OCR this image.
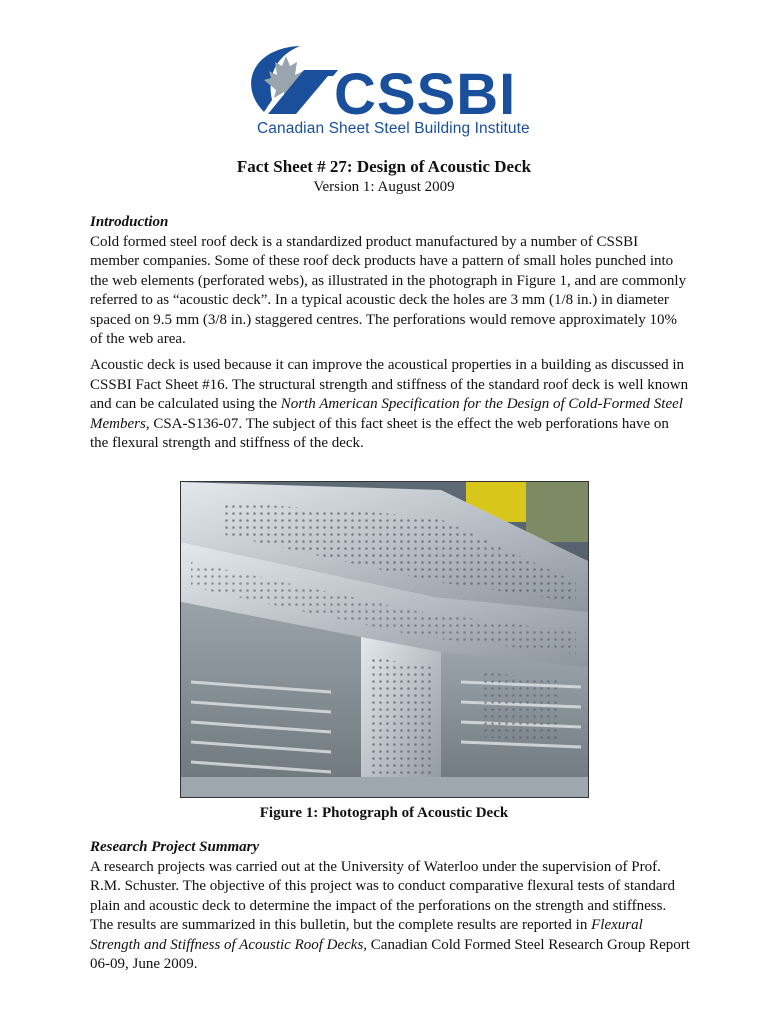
CSSBI
Canadian Sheet Steel Building Institute
Fact Sheet # 27: Design of Acoustic Deck
Version 1: August 2009

Introduction

Cold formed steel roof deck is a standardized product manufactured by a number of CSSBI member companies. Some of these roof deck products have a pattern of small holes punched into the web elements (perforated webs), as illustrated in the photograph in Figure 1, and are commonly referred to as “acoustic deck”. In a typical acoustic deck the holes are 3 mm (1/8 in.) in diameter spaced on 9.5 mm (3/8 in.) staggered centres. The perforations would remove approximately 10% of the web area.

Acoustic deck is used because it can improve the acoustical properties in a building as discussed in CSSBI Fact Sheet #16. The structural strength and stiffness of the standard roof deck is well known and can be calculated using the North American Specification for the Design of Cold-Formed Steel Members, CSA-S136-07. The subject of this fact sheet is the effect the web perforations have on the flexural strength and stiffness of the deck.

Figure 1: Photograph of Acoustic Deck

Research Project Summary

A research projects was carried out at the University of Waterloo under the supervision of Prof. R.M. Schuster. The objective of this project was to conduct comparative flexural tests of standard plain and acoustic deck to determine the impact of the perforations on the strength and stiffness. The results are summarized in this bulletin, but the complete results are reported in Flexural Strength and Stiffness of Acoustic Roof Decks, Canadian Cold Formed Steel Research Group Report 06-09, June 2009.
